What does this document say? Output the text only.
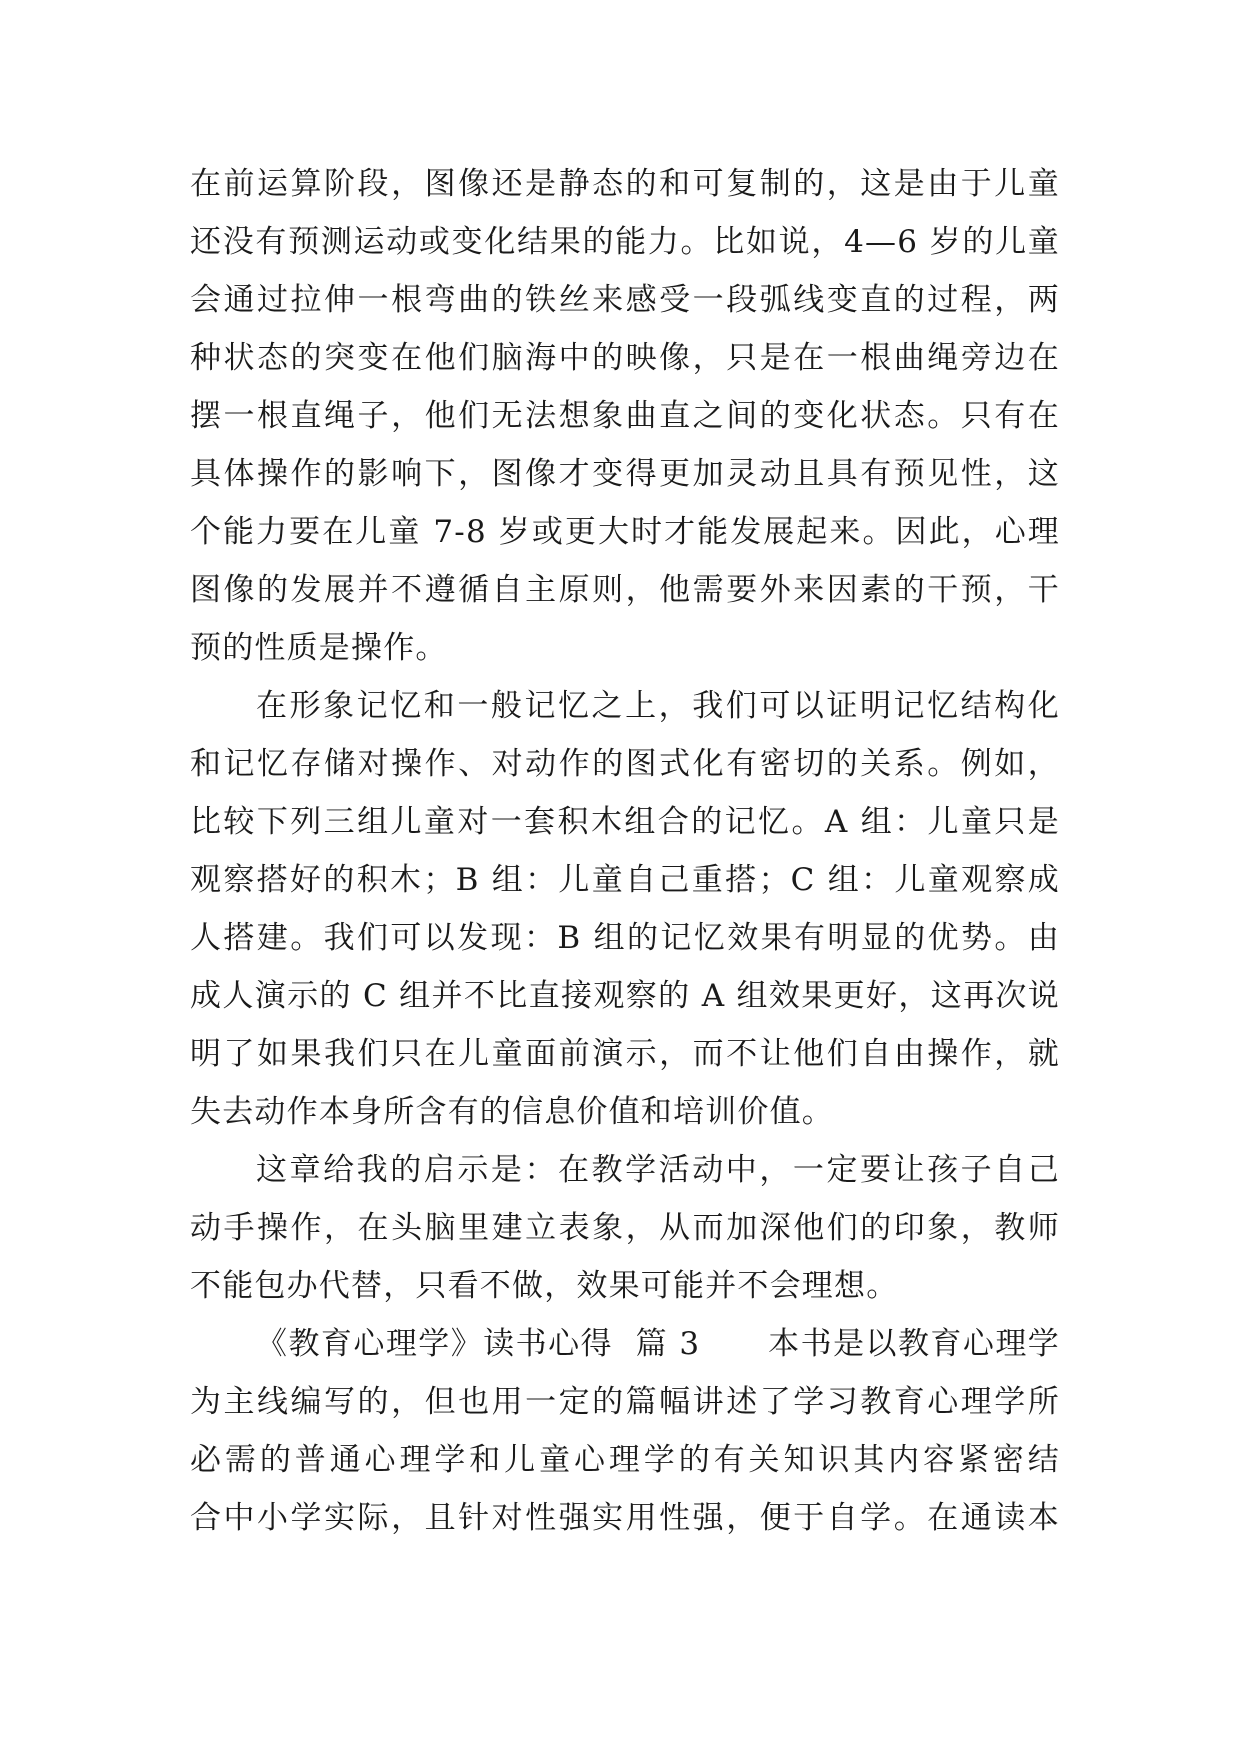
在前运算阶段，图像还是静态的和可复制的，这是由于儿童
还没有预测运动或变化结果的能力。比如说，4—6 岁的儿童
会通过拉伸一根弯曲的铁丝来感受一段弧线变直的过程，两
种状态的突变在他们脑海中的映像，只是在一根曲绳旁边在
摆一根直绳子，他们无法想象曲直之间的变化状态。只有在
具体操作的影响下，图像才变得更加灵动且具有预见性，这
个能力要在儿童 7-8 岁或更大时才能发展起来。因此，心理
图像的发展并不遵循自主原则，他需要外来因素的干预，干
预的性质是操作。
在形象记忆和一般记忆之上，我们可以证明记忆结构化
和记忆存储对操作、对动作的图式化有密切的关系。例如，
比较下列三组儿童对一套积木组合的记忆。A 组：儿童只是
观察搭好的积木；B 组：儿童自己重搭；C 组：儿童观察成
人搭建。我们可以发现：B 组的记忆效果有明显的优势。由
成人演示的 C 组并不比直接观察的 A 组效果更好，这再次说
明了如果我们只在儿童面前演示，而不让他们自由操作，就
失去动作本身所含有的信息价值和培训价值。
这章给我的启示是：在教学活动中，一定要让孩子自己
动手操作，在头脑里建立表象，从而加深他们的印象，教师
不能包办代替，只看不做，效果可能并不会理想。
《教育心理学》读书心得  篇 3      本书是以教育心理学
为主线编写的，但也用一定的篇幅讲述了学习教育心理学所
必需的普通心理学和儿童心理学的有关知识其内容紧密结
合中小学实际，且针对性强实用性强，便于自学。在通读本
